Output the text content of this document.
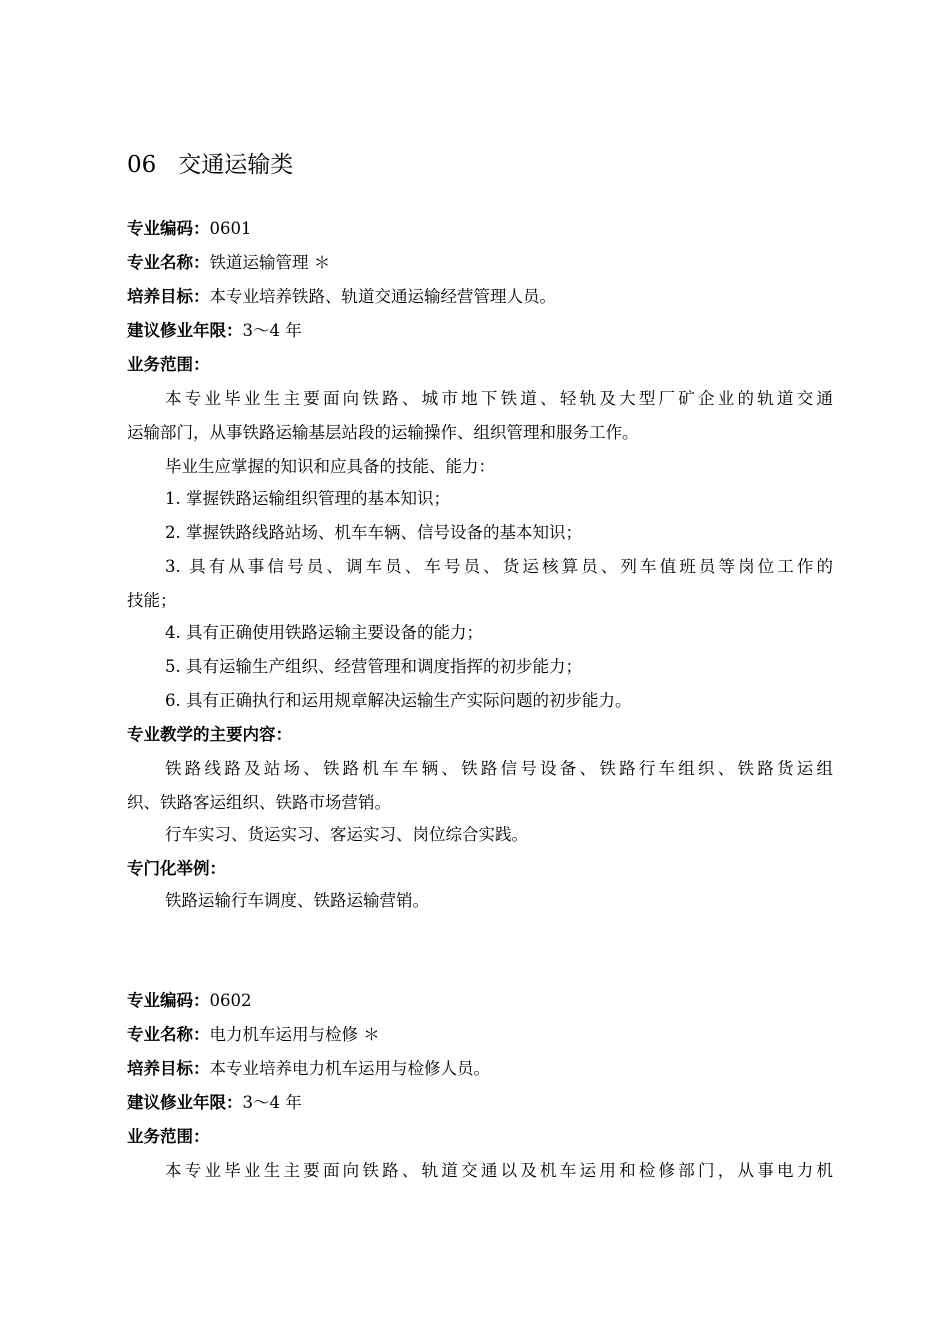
06 交通运输类
专业编码：0601
专业名称：铁道运输管理 ＊
培养目标：本专业培养铁路、轨道交通运输经营管理人员。
建议修业年限：3～4 年
业务范围：
本专业毕业生主要面向铁路、城市地下铁道、轻轨及大型厂矿企业的轨道交通
运输部门，从事铁路运输基层站段的运输操作、组织管理和服务工作。
毕业生应掌握的知识和应具备的技能、能力：
1. 掌握铁路运输组织管理的基本知识；
2. 掌握铁路线路站场、机车车辆、信号设备的基本知识；
3. 具有从事信号员、调车员、车号员、货运核算员、列车值班员等岗位工作的
技能；
4. 具有正确使用铁路运输主要设备的能力；
5. 具有运输生产组织、经营管理和调度指挥的初步能力；
6. 具有正确执行和运用规章解决运输生产实际问题的初步能力。
专业教学的主要内容：
铁路线路及站场、铁路机车车辆、铁路信号设备、铁路行车组织、铁路货运组
织、铁路客运组织、铁路市场营销。
行车实习、货运实习、客运实习、岗位综合实践。
专门化举例：
铁路运输行车调度、铁路运输营销。
专业编码：0602
专业名称：电力机车运用与检修 ＊
培养目标：本专业培养电力机车运用与检修人员。
建议修业年限：3～4 年
业务范围：
本专业毕业生主要面向铁路、轨道交通以及机车运用和检修部门，从事电力机
